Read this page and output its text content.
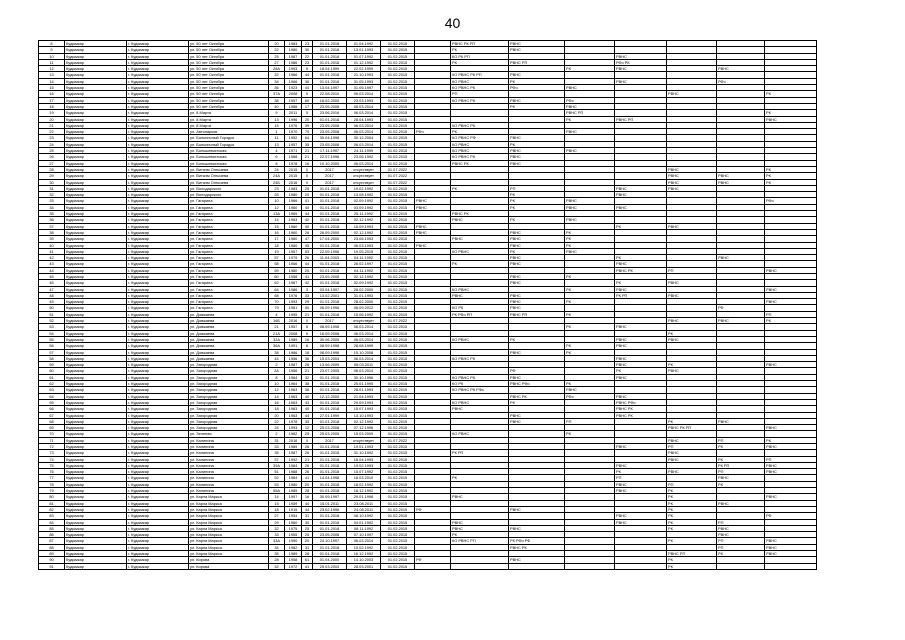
40
8	Кудымкар	г. Кудымкар	ул. 50 лет Октября	20	1983	23	01.01.2018	01.04.1992	01.02.2015		РВНС РК РП	РВНС					
9	Кудымкар	г. Кудымкар	ул. 50 лет Октября	22	1980	30	01.01.2018	13.01.1993	01.02.2015		РК	РВНС					
10	Кудымкар	г. Кудымкар	ул. 50 лет Октября	25	1987	22	01.01.2018	01.07.1992	01.02.2015		КО РК РП			РВНС			
11	Кудымкар	г. Кудымкар	ул. 50 лет Октября	27	1986	23	01.01.2018	01.12.1992	01.02.2015		РК	РВНС РП		РФо РК			
12	Кудымкар	г. Кудымкар	ул. 50 лет Октября	28А	1993	5	18.04.1999	22.02.1999	01.02.2015				РК	РВНС		РВНС	
13	Кудымкар	г. Кудымкар	ул. 50 лет Октября	32	1966	44	01.01.2018	21.10.1993	01.02.2015		КО РВНС РК РП	РВНС					
14	Кудымкар	г. Кудымкар	ул. 50 лет Октября	34	1966	36	01.01.2018	31.05.1993	01.02.2015		КО РВНС	РК		РВНС		РФо	
15	Кудымкар	г. Кудымкар	ул. 50 лет Октября	36	1923	44	13.04.1997	31.05.1997	01.02.2015		КО РВНС РК	РФо	РВНС				
16	Кудымкар	г. Кудымкар	ул. 50 лет Октября	37А	2008	5	22.08.2010	06.03.2014	01.02.2015		РП				РВНС		РК
17	Кудымкар	г. Кудымкар	ул. 50 лет Октября	38	1957	60	16.02.2000	23.03.1993	01.02.2015		КО РВНС РК	РВНС	РФо				
18	Кудымкар	г. Кудымкар	ул. 50 лет Октября	40	1988	17	23.05.2008	06.03.2014	01.02.2015			РК	РВНС				
19	Кудымкар	г. Кудымкар	ул. 8 Марта	9	2011	5	23.06.2016	06.03.2014	01.02.2015				РВНС РП				РК
20	Кудымкар	г. Кудымкар	ул. 8 Марта	13	1996	20	01.01.2018	28.04.1993	01.02.2015				РК	РВНС РП			РВНС
21	Кудымкар	г. Кудымкар	ул. 8 Марта	15	1976	39	23.05.2008	06.03.2014	01.02.2015		КО РВНС РК						
22	Кудымкар	г. Кудымкар	ул. Автопарков	1	1970	75	23.05.2008	06.03.2014	01.02.2015	РФо	РК		РВНС				
23	Кудымкар	г. Кудымкар	ул. Больничный Городок	11	1952	64	30.04.1998	30.12.2004	01.02.2015		КО РВНС РФ	РВНС					
24	Кудымкар	г. Кудымкар	ул. Больничный Городок	13	1957	35	23.05.2008	06.03.2014	01.02.2015		КО РВНС	РК					
25	Кудымкар	г. Кудымкар	ул. Большевистская	4	1971	21	17.11.1997	24.11.1999	01.02.2015		КО РВНС	РВНС	РВНС				
26	Кудымкар	г. Кудымкар	ул. Большевистская	6	1968	21	22.07.1996	23.06.1992	01.02.2015		КО РВНС РК	РВНС					
27	Кудымкар	г. Кудымкар	ул. Большевистская	8	1978	16	10.10.2000	06.03.2014	01.02.2015		РВНС РК	РВНС					
28	Кудымкар	г. Кудымкар	ул. Витаэм Огнызева	24	2015	0	2017	отсутствует	01.07.2022						РВНС		РК
29	Кудымкар	г. Кудымкар	ул. Витаэм Огнызева	24А	2015	0	2017	отсутствует	01.07.2022						РВНС	РВНС	РК
30	Кудымкар	г. Кудымкар	ул. Витаэм Огнызева	24Б	2016	0	2017	отсутствует	01.07.2022						РВНС	РВНС	РК
31	Кудымкар	г. Кудымкар	ул. Володарского	23	1983	25	01.01.2018	19.02.1992	01.02.2015		РК	РП		РВНС	РВНС		
32	Кудымкар	г. Кудымкар	ул. Володарского	25	1980	20	01.01.2018	13.08.1992	01.02.2015			РК		РВНС			
33	Кудымкар	г. Кудымкар	ул. Гагарина	10	1966	41	01.01.2018	02.09.1992	01.02.2015	РВНС		РК	РВНС				РФо
34	Кудымкар	г. Кудымкар	ул. Гагарина	12	1960	40	01.01.2018	03.09.1992	01.02.2015	РВНС		РК	РВНС	РВНС			
35	Кудымкар	г. Кудымкар	ул. Гагарина	13А	1969	44	01.01.2018	25.11.1992	01.02.2015		РВНС РК						
36	Кудымкар	г. Кудымкар	ул. Гагарина	14	1963	42	01.01.2018	02.12.1992	01.02.2015		РВНС	РК	РВНС				
37	Кудымкар	г. Кудымкар	ул. Гагарина	15	1960	40	01.01.2018	16.09.1993	01.02.2015	РВНС				РК	РВНС		
38	Кудымкар	г. Кудымкар	ул. Гагарина	16	1960	26	26.09.2000	02.12.1992	01.02.2015	РВНС		РВНС	РК				
39	Кудымкар	г. Кудымкар	ул. Гагарина	17	1960	47	17.04.2000	23.06.1993	01.02.2015		РВНС	РВНС	РК				
40	Кудымкар	г. Кудымкар	ул. Гагарина	18	1960	45	01.01.2018	06.03.1993	01.02.2015	РВНС		РВНС	РК				
41	Кудымкар	г. Кудымкар	ул. Гагарина	19	1957	53	22.09.1996	19.05.2015	01.02.2015		КО РВНС	РК	РВНС				
42	Кудымкар	г. Кудымкар	ул. Гагарина	57	1979	26	11.04.2003	04.11.1992	01.02.2015			РВНС		РК		РВНС	
43	Кудымкар	г. Кудымкар	ул. Гагарина	58	1966	44	01.01.2018	26.02.1997	01.02.2015		РК	РВНС		РВНС			
44	Кудымкар	г. Кудымкар	ул. Гагарина	59	1980	20	01.01.2018	04.11.1992	01.02.2015					РВНС РК	РП		РВНС
45	Кудымкар	г. Кудымкар	ул. Гагарина	60	1958	41	23.05.2008	02.12.1992	01.02.2015			РВНС	РК				
46	Кудымкар	г. Кудымкар	ул. Гагарина	62	1967	42	01.01.2018	02.09.1992	01.02.2015			РВНС		РК	РВНС		
47	Кудымкар	г. Кудымкар	ул. Гагарина	64	1986	3	03.04.1997	28.02.2000	01.02.2015		КО РВНС		РК	РВНС			РВНС
48	Кудымкар	г. Кудымкар	ул. Гагарина	68	1976	33	13.02.2001	31.01.1993	01.02.2015		РВНС	РВНС		РК РП	РВНС		
49	Кудымкар	г. Кудымкар	ул. Гагарина	70	1993	29	01.01.2018	28.02.2000	01.02.2015			РВНС	РК				РВНС
50	Кудымкар	г. Кудымкар	ул. Гагарина	79	1961	50	06.09.1998	06.09.2012	01.02.2015		КО РК	РВНС				РФ	
51	Кудымкар	г. Кудымкар	ул. Довжаева	4	1995	21	01.01.2018	15.06.1992	01.02.2015		РК РФо РП	РВНС РП	РК				РП
52	Кудымкар	г. Кудымкар	ул. Довжаева	16Б	2016	0	2017	отсутствует	01.07.2022						РВНС	РВНС	РК
53	Кудымкар	г. Кудымкар	ул. Довжаева	21	1957	5	08.09.1998	06.03.2014	01.02.2015				РК	РВНС			
54	Кудымкар	г. Кудымкар	ул. Довжаева	21А	2008	5	16.09.2008	06.03.2014	01.02.2015						РК		
55	Кудымкар	г. Кудымкар	ул. Довжаева	32А	1989	16	30.06.2005	06.03.2014	01.02.2015		КО РВНС	РК		РВНС	РВНС		
56	Кудымкар	г. Кудымкар	ул. Довжаева	36А	1991	8	08.09.1998	28.08.1999	01.02.2015				РК	РВНС			
57	Кудымкар	г. Кудымкар	ул. Довжаева	38	1986	18	08.09.1998	15.10.2008	01.02.2015			РВНС	РК				
58	Кудымкар	г. Кудымкар	ул. Довжаева	44	1956	36	15.03.2004	06.03.2014	01.02.2015		КО РВНС РК			РВНС			
59	Кудымкар	г. Кудымкар	ул. Загородная	2	1987	26	13.06.2009	06.03.2011	01.02.2015					РВНС	РК		РВНС
60	Кудымкар	г. Кудымкар	ул. Загородная	2А	1956	21	23.07.2005	06.03.2014	01.02.2015			РФ		РК	РВНС		
61	Кудымкар	г. Кудымкар	ул. Загородная	8	1964	32	01.01.2018	30.10.1996	01.02.2015		КО РВНС РК	РВНС		РВНС			
62	Кудымкар	г. Кудымкар	ул. Загородная	10	1964	38	01.01.2018	25.01.1995	01.02.2015		КО РК	РВНС РФо	РК				
63	Кудымкар	г. Кудымкар	ул. Загородная	12	1963	38	01.01.2018	28.01.1993	01.02.2015		КО РВНС РК РФо		РВНС				
64	Кудымкар	г. Кудымкар	ул. Загородная	14	1963	40	12.12.2000	21.04.1993	01.02.2015			РВНС РК	РФо	РВНС			
65	Кудымкар	г. Кудымкар	ул. Загородная	16	1963	43	01.01.2018	29.09.1993	01.02.2015		КО РВНС	РК		РВНС РФо			
66	Кудымкар	г. Кудымкар	ул. Загородная	18	1963	40	01.01.2018	15.07.1993	01.02.2015		РВНС			РВНС РК			
67	Кудымкар	г. Кудымкар	ул. Загородная	20	1963	44	27.01.1999	13.10.1993	01.02.2015			РВНС		РВНС РК			
68	Кудымкар	г. Кудымкар	ул. Загородная	22	1978	35	01.01.2018	02.12.1992	01.02.2015			РВНС	РП		РК	РВНС	
69	Кудымкар	г. Кудымкар	ул. Загородная	24	1993	12	25.03.2008	07.12.1996	01.02.2015						РВНС РК РП		РВНС
70	Кудымкар	г. Кудымкар	ул. Зеленая	2	1982	25	25.03.2005	15.03.2009	01.02.2015		КО РВНС		РК				
71	Кудымкар	г. Кудымкар	ул. Калинина	31	2016	0	2017	отсутствует	01.07.2022						РВНС	РП	РК
72	Кудымкар	г. Кудымкар	ул. Калинина	33	1989	26	01.01.2018	19.01.1993	01.02.2015					РВНС	РП	РК	РВНС
73	Кудымкар	г. Кудымкар	ул. Калинина	35	1987	26	01.01.2018	31.10.1992	01.02.2015		РК РП				РВНС		
74	Кудымкар	г. Кудымкар	ул. Калинина	37	1992	21	01.01.2018	16.04.1993	01.02.2015						РВНС	РК	РП
75	Кудымкар	г. Кудымкар	ул. Калинина	39А	1984	26	01.01.2018	19.02.1993	01.02.2015					РВНС		РК РП	РВНС
76	Кудымкар	г. Кудымкар	ул. Калинина	51	1988	26	01.01.2018	15.07.1992	01.02.2015					РК	РВНС	РП	РВНС
77	Кудымкар	г. Кудымкар	ул. Калинина	52	1964	41	14.04.1998	16.03.2010	01.02.2015		РК			РП		РВНС	
78	Кудымкар	г. Кудымкар	ул. Калинина	53	1980	20	01.01.2018	18.02.1992	01.02.2015					РВНС	РП	РК	
79	Кудымкар	г. Кудымкар	ул. Калинина	55А	1985	28	01.01.2018	16.12.1992	01.02.2015					РВНС	РК		
80	Кудымкар	г. Кудымкар	ул. Карла Маркса	14	1997	16	30.09.1997	29.01.1998	01.02.2015		РВНС				РК		РВНС
81	Кудымкар	г. Кудымкар	ул. Карла Маркса	15	1959	44	15.01.2011	23.08.2011	01.02.2015						РК	РВНС	
82	Кудымкар	г. Кудымкар	ул. Карла Маркса	18	1915	44	23.02.1996	24.08.2011	01.02.2015	РФ		РВНС			РК		
83	Кудымкар	г. Кудымкар	ул. Карла Маркса	27	1954	31	01.01.2018	08.10.1992	01.02.2015					РВНС	РК		РФ
84	Кудымкар	г. Кудымкар	ул. Карла Маркса	29	1960	30	01.01.2018	04.01.1992	01.02.2015		РВНС			РВНС	РК	РП	
85	Кудымкар	г. Кудымкар	ул. Карла Маркса	32	1975	25	01.01.2018	08.11.1992	01.02.2015		РВНС	РВНС			РК	РВНС	
86	Кудымкар	г. Кудымкар	ул. Карла Маркса	33	1955	25	23.05.2008	07.10.1997	01.02.2015		РК					РВНС	
87	Кудымкар	г. Кудымкар	ул. Карла Маркса	33А	1990	20	24.10.1997	06.03.2014	01.02.2015		КО РВНС РП	РК РФо РФ			РК	РП	РВНС
88	Кудымкар	г. Кудымкар	ул. Карла Маркса	34	1982	31	01.01.2018	10.02.1992	01.02.2015			РВНС РК				РП	РВНС
89	Кудымкар	г. Кудымкар	ул. Карла Маркса	35	1989	28	01.01.2018	16.12.1992	01.02.2015						РВНС РП	РК	РВНС
90	Кудымкар	г. Кудымкар	ул. Кирова	28	1958	61	01.04.2000	14.10.2003	01.02.2015	РФ		РВНС			РК		
91	Кудымкар	г. Кудымкар	ул. Кирова	32	1972	41	25.03.2003	28.03.2001	01.02.2015						РК		
